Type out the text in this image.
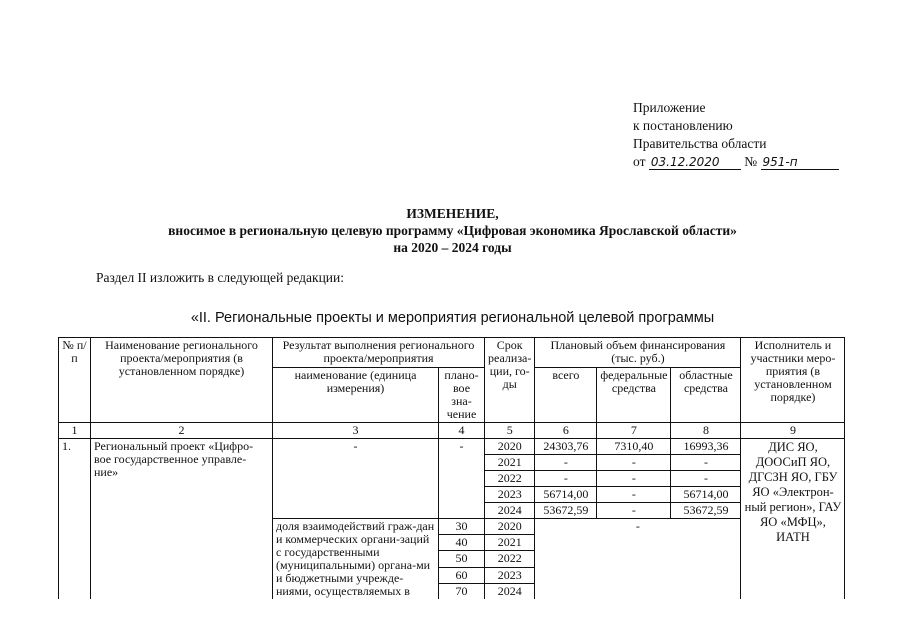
Приложение
к постановлению
Правительства области
от 03.12.2020 № 951-п
ИЗМЕНЕНИЕ,
вносимое в региональную целевую программу «Цифровая экономика Ярославской области»
на 2020 – 2024 годы
Раздел II изложить в следующей редакции:
«II. Региональные проекты и мероприятия региональной целевой программы
№ п/п	Наименование регионального проекта/мероприятия (в установленном порядке)	Результат выполнения регионального проекта/мероприятия		Срок реализа-ции, го-ды	Плановый объем финансирования (тыс. руб.)			Исполнитель и участники меро-приятия (в установленном порядке)
		наименование (единица измерения)	плано-вое зна-чение		всего	федеральные средства	областные средства	
1	2	3	4	5	6	7	8	9
1.	Региональный проект «Цифро-вое государственное управле-ние»	-	-	2020	24303,76	7310,40	16993,36	ДИС ЯО, ДООСиП ЯО, ДГСЗН ЯО, ГБУ ЯО «Электрон-ный регион», ГАУ ЯО «МФЦ», ИАТН
				2021	-	-	-	
				2022	-	-	-	
				2023	56714,00	-	56714,00	
				2024	53672,59	-	53672,59	
		доля взаимодействий граж-дан и коммерческих органи-заций с государственными (муниципальными) органа-ми и бюджетными учрежде-ниями, осуществляемых в	30	2020	-			
			40	2021				
			50	2022				
			60	2023				
			70	2024				
